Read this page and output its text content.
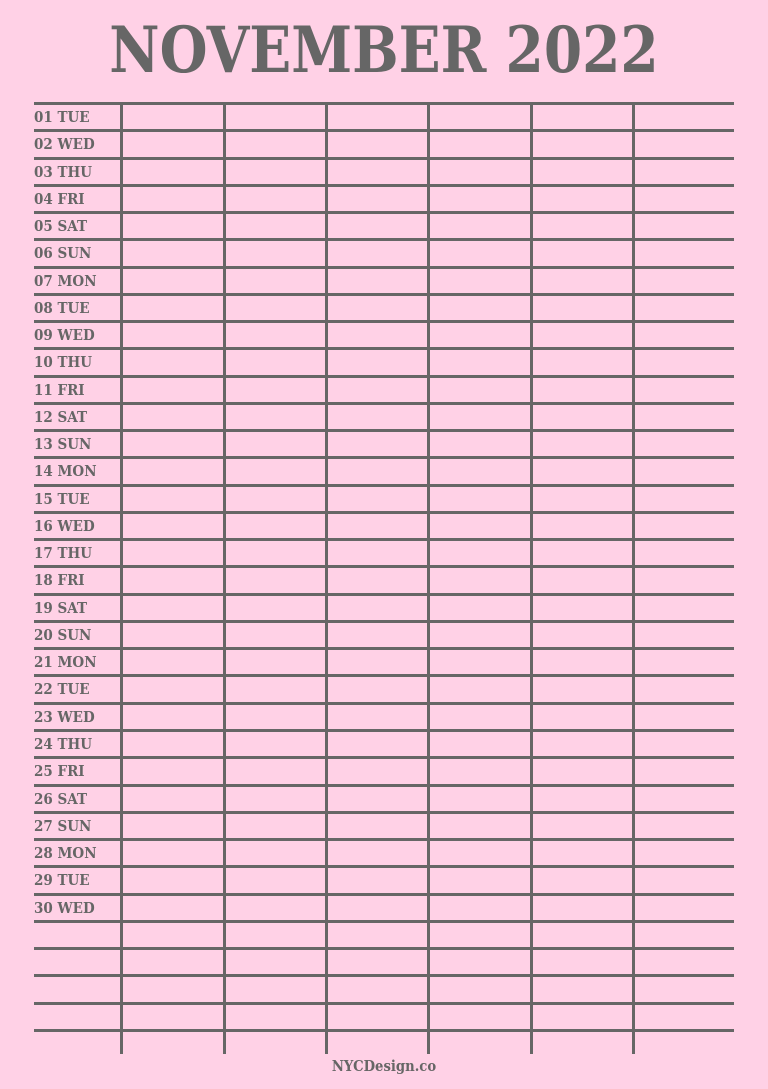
NOVEMBER 2022
01 TUE
02 WED
03 THU
04 FRI
05 SAT
06 SUN
07 MON
08 TUE
09 WED
10 THU
11 FRI
12 SAT
13 SUN
14 MON
15 TUE
16 WED
17 THU
18 FRI
19 SAT
20 SUN
21 MON
22 TUE
23 WED
24 THU
25 FRI
26 SAT
27 SUN
28 MON
29 TUE
30 WED
NYCDesign.co
